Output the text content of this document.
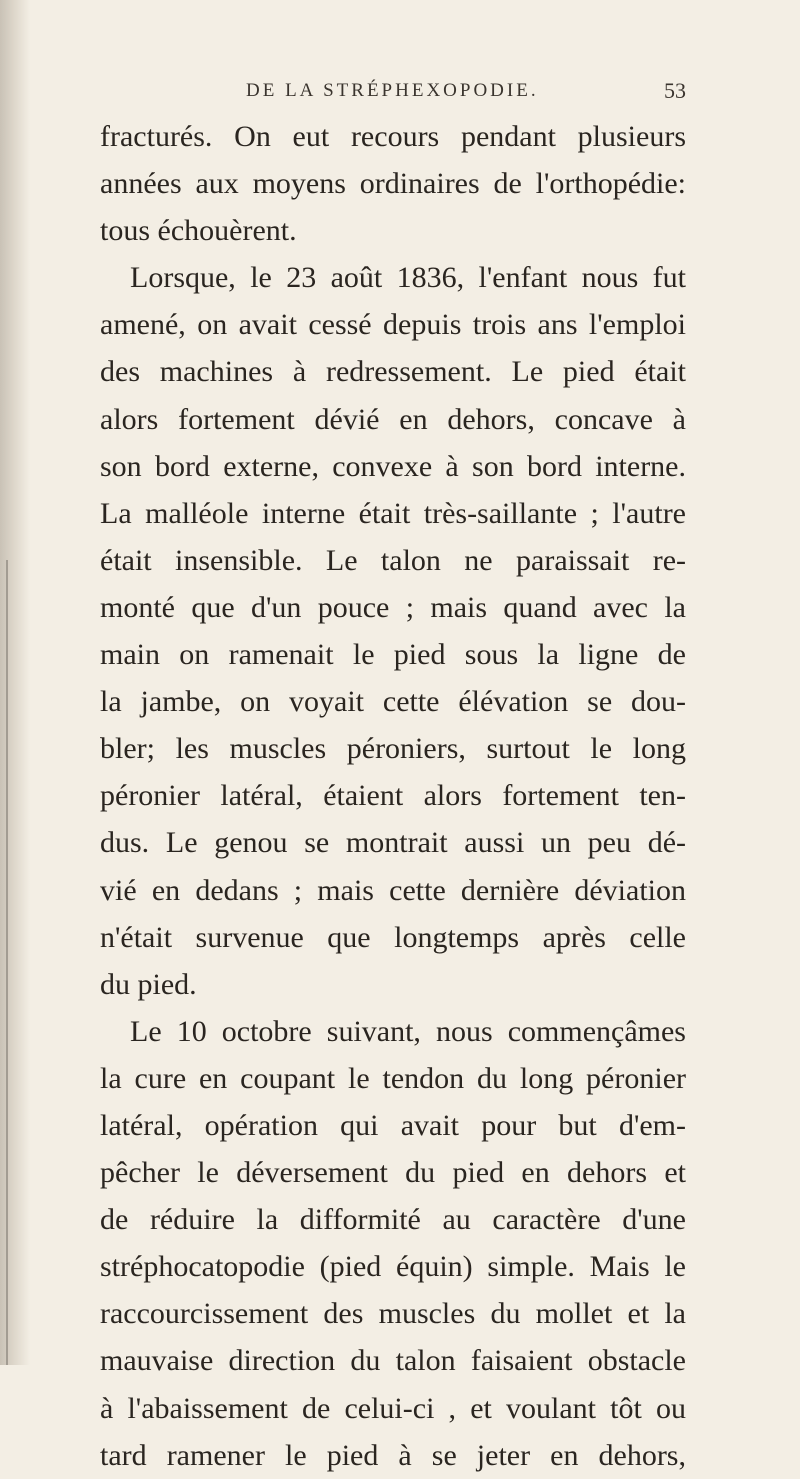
DE LA STRÉPHEXOPODIE.	53
fracturés. On eut recours pendant plusieurs
années aux moyens ordinaires de l'orthopédie:
tous échouèrent.
Lorsque, le 23 août 1836, l'enfant nous fut
amené, on avait cessé depuis trois ans l'emploi
des machines à redressement. Le pied était
alors fortement dévié en dehors, concave à
son bord externe, convexe à son bord interne.
La malléole interne était très-saillante ; l'autre
était insensible. Le talon ne paraissait re-
monté que d'un pouce ; mais quand avec la
main on ramenait le pied sous la ligne de
la jambe, on voyait cette élévation se dou-
bler; les muscles péroniers, surtout le long
péronier latéral, étaient alors fortement ten-
dus. Le genou se montrait aussi un peu dé-
vié en dedans ; mais cette dernière déviation
n'était survenue que longtemps après celle
du pied.
Le 10 octobre suivant, nous commençâmes
la cure en coupant le tendon du long péronier
latéral, opération qui avait pour but d'em-
pêcher le déversement du pied en dehors et
de réduire la difformité au caractère d'une
stréphocatopodie (pied équin) simple. Mais le
raccourcissement des muscles du mollet et la
mauvaise direction du talon faisaient obstacle
à l'abaissement de celui-ci , et voulant tôt ou
tard ramener le pied à se jeter en dehors,
